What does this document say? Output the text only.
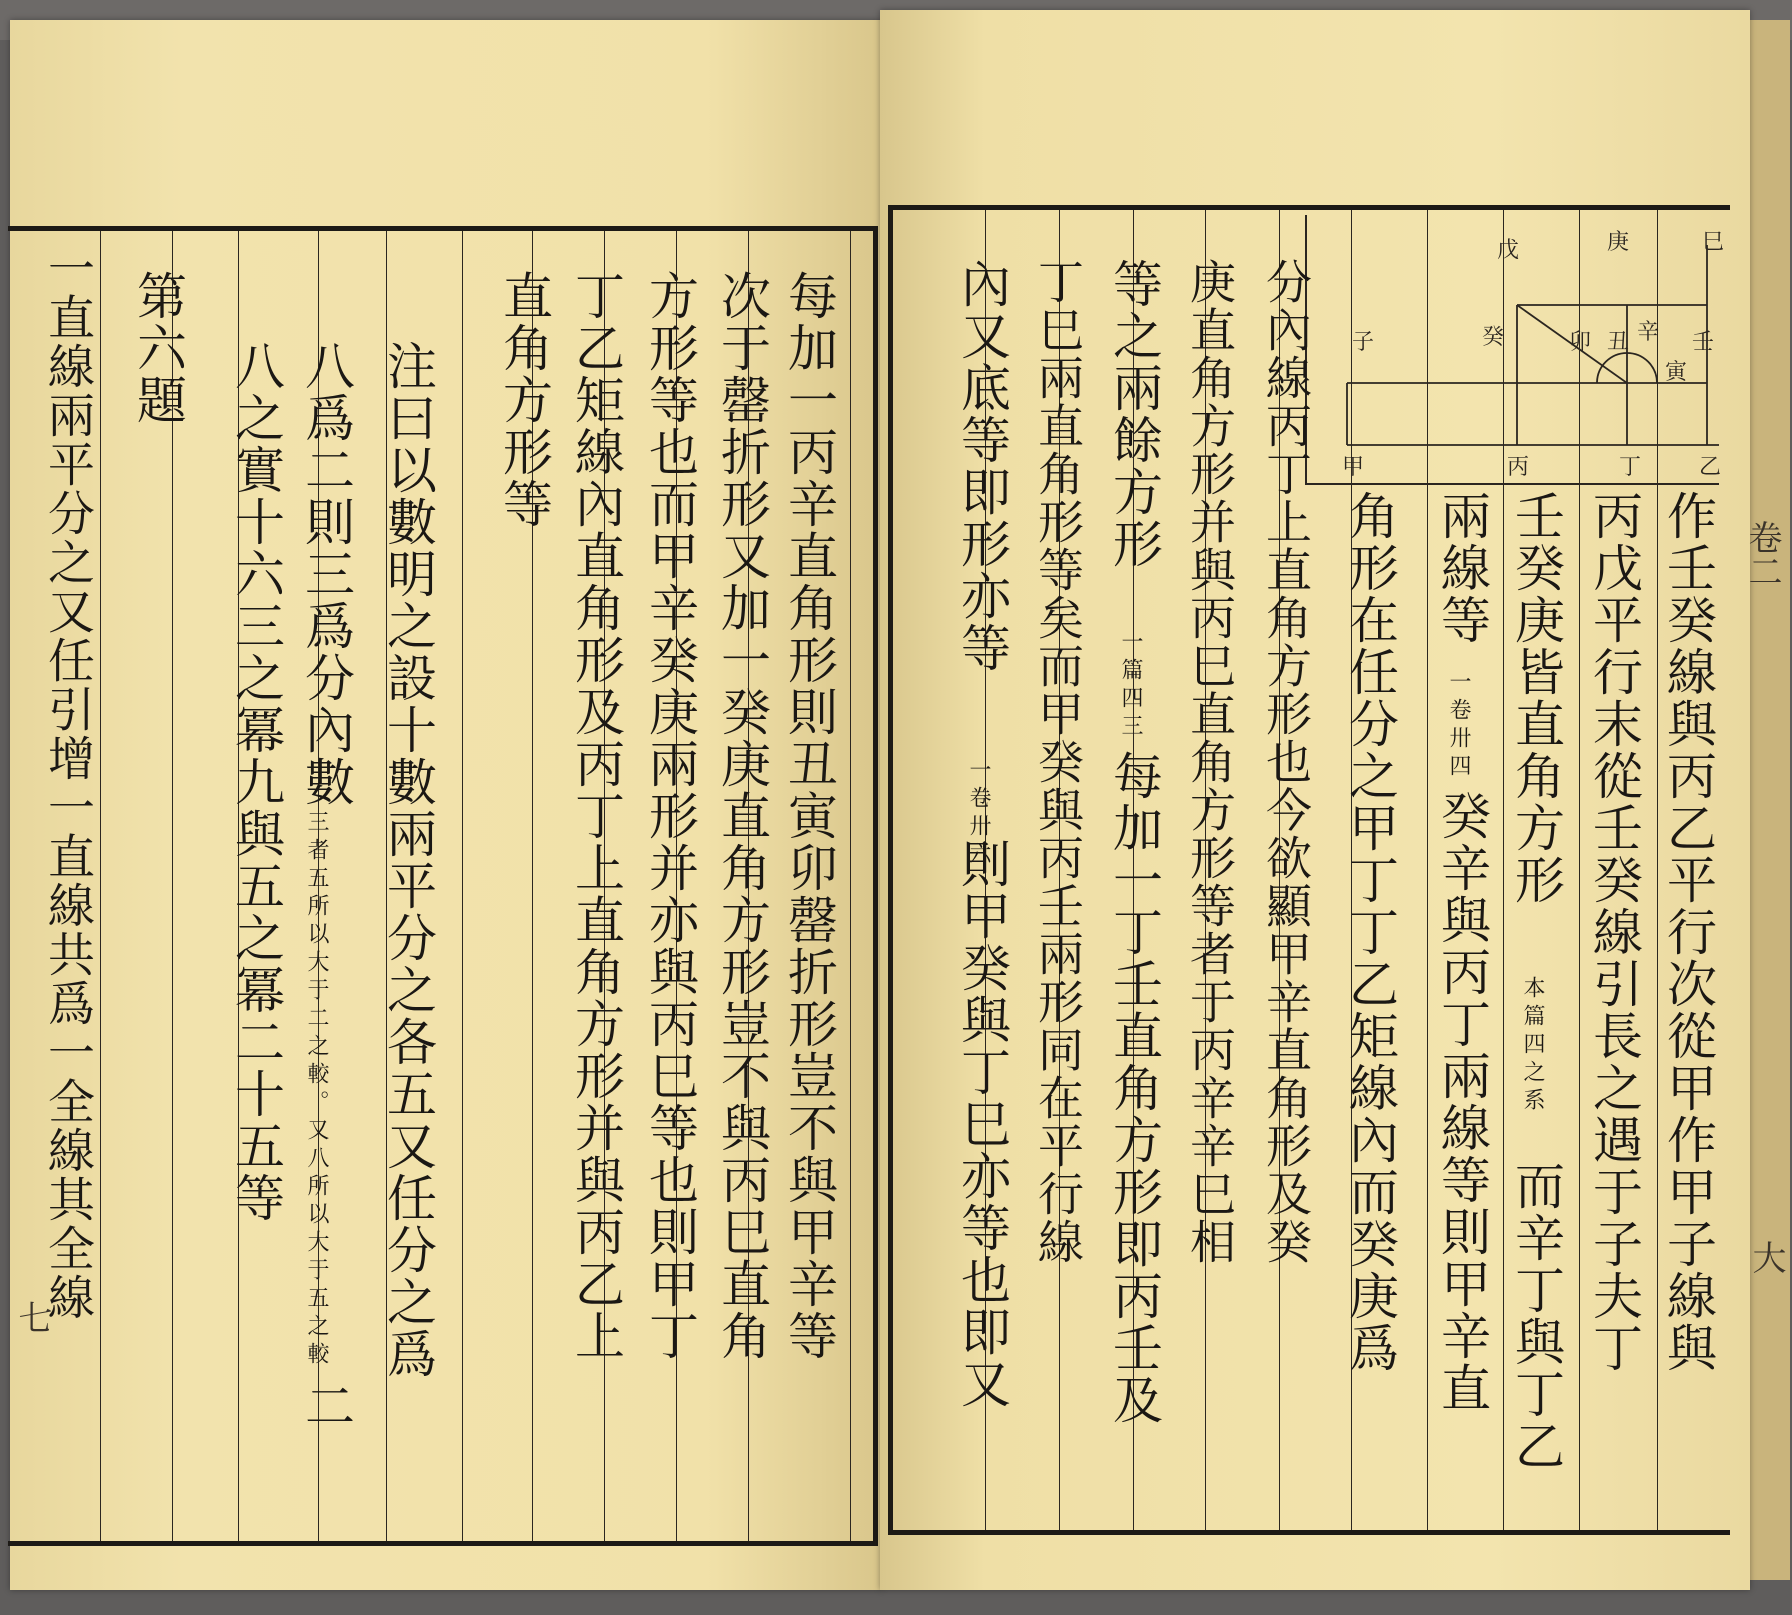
每加一丙辛直角形則丑寅卯罄折形豈不與甲辛等
次于罄折形又加一癸庚直角方形豈不與丙巳直角
方形等也而甲辛癸庚兩形并亦與丙巳等也則甲丁
丁乙矩線內直角形及丙丁上直角方形并與丙乙上
直角方形等
注曰以數明之設十數兩平分之各五又任分之爲
八爲二則三爲分內數
三者五所以大于二之較。又八所以大于五之較
二
八之實十六三之冪九與五之冪二十五等
第六題
一直線兩平分之又任引增一直線共爲一全線其全線
七
巳
庚
戊
壬
寅
辛
丑
卯
癸
子
甲	丙	丁	乙
作壬癸線與丙乙平行次從甲作甲子線與
丙戊平行末從壬癸線引長之遇于子夫丁
壬癸庚皆直角方形
本篇四之系
而辛丁與丁乙
兩線等
一卷卅四
癸辛與丙丁兩線等則甲辛直
角形在任分之甲丁丁乙矩線內而癸庚爲
分內線丙丁上直角方形也今欲顯甲辛直角形及癸
庚直角方形并與丙巳直角方形等者于丙辛辛巳相
等之兩餘方形
一篇四三
每加一丁壬直角方形即丙壬及
丁巳兩直角形等矣而甲癸與丙壬兩形同在平行線
內又底等即形亦等
一卷卅六
則甲癸與丁巳亦等也即又
卷二
大
